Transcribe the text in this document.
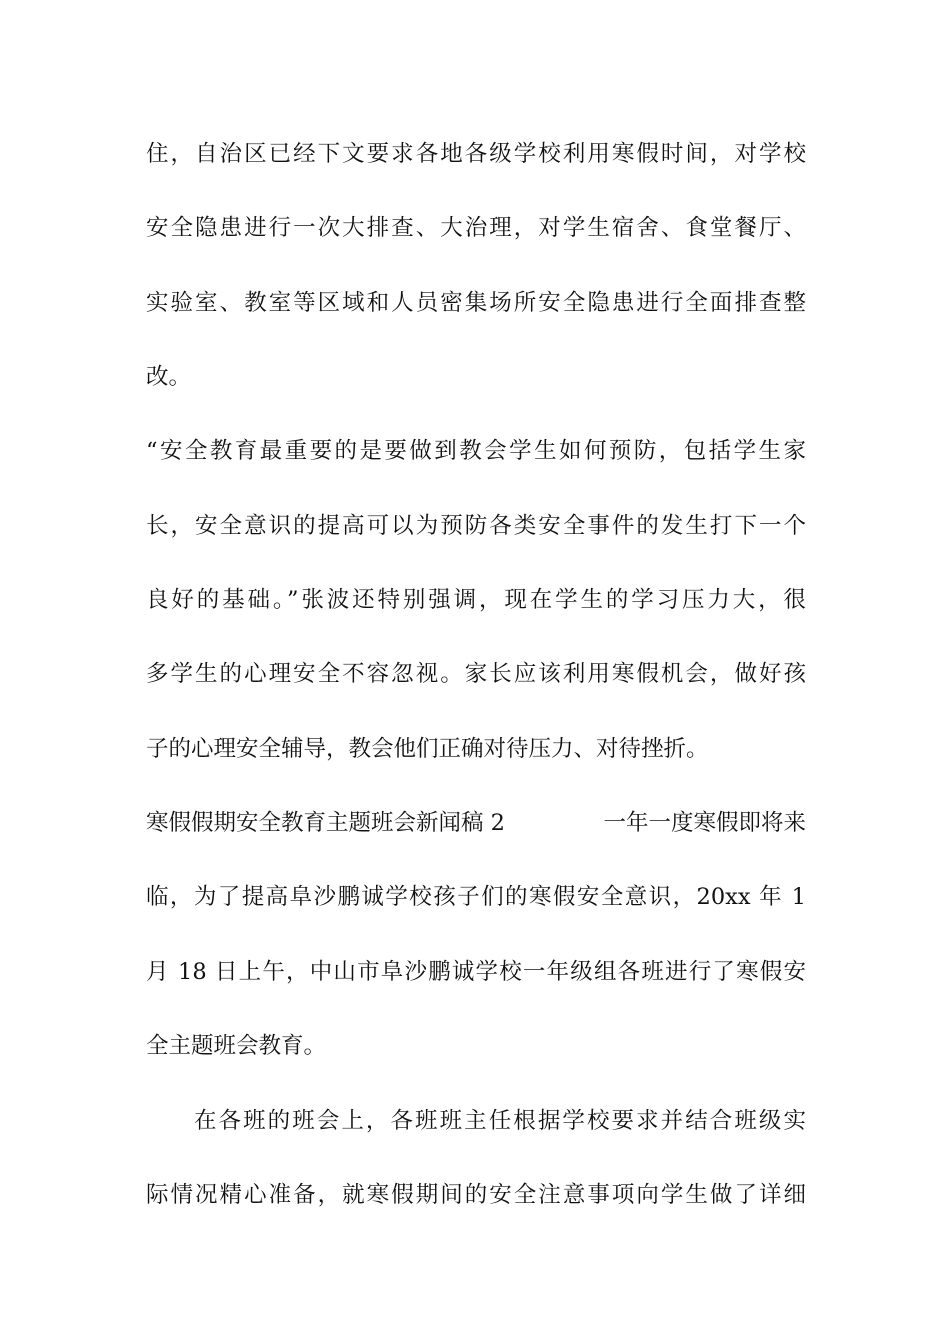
住，自治区已经下文要求各地各级学校利用寒假时间，对学校
安全隐患进行一次大排查、大治理，对学生宿舍、食堂餐厅、
实验室、教室等区域和人员密集场所安全隐患进行全面排查整
改。
“安全教育最重要的是要做到教会学生如何预防，包括学生家
长，安全意识的提高可以为预防各类安全事件的发生打下一个
良好的基础。”张波还特别强调，现在学生的学习压力大，很
多学生的心理安全不容忽视。家长应该利用寒假机会，做好孩
子的心理安全辅导，教会他们正确对待压力、对待挫折。
寒假假期安全教育主题班会新闻稿 2	一年一度寒假即将来
临，为了提高阜沙鹏诚学校孩子们的寒假安全意识，20xx 年 1
月 18 日上午，中山市阜沙鹏诚学校一年级组各班进行了寒假安
全主题班会教育。
在各班的班会上，各班班主任根据学校要求并结合班级实
际情况精心准备，就寒假期间的安全注意事项向学生做了详细
